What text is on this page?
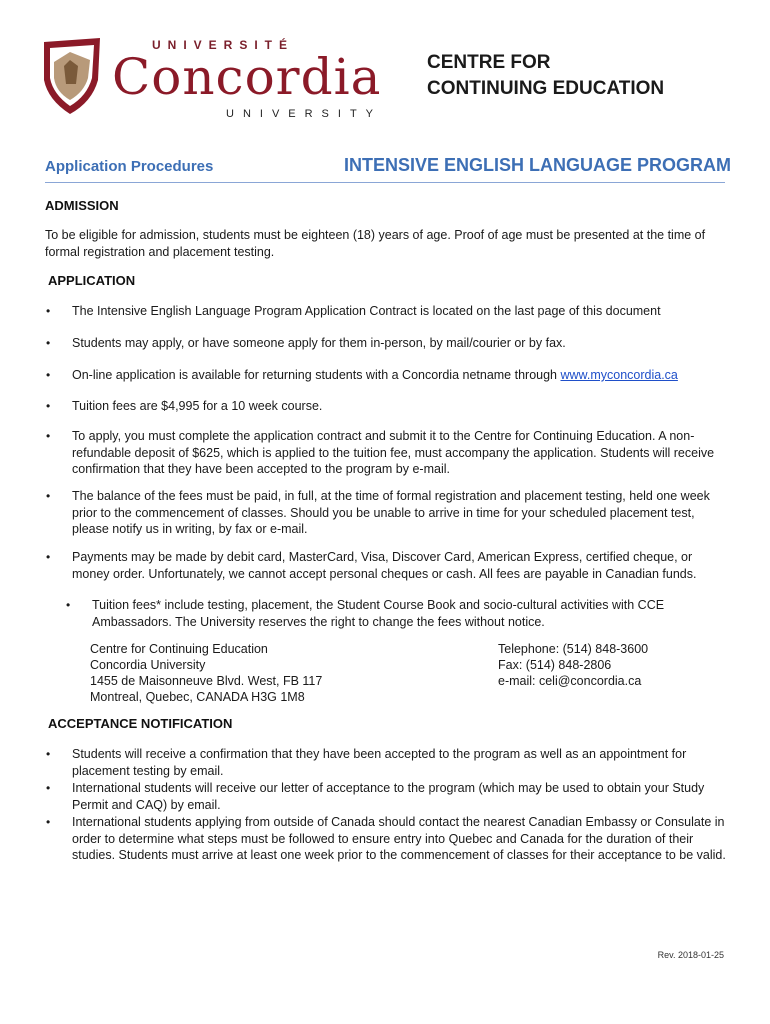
UNIVERSITÉ
Concordia
UNIVERSITY
CENTRE FOR
CONTINUING EDUCATION
Application Procedures	INTENSIVE ENGLISH LANGUAGE PROGRAM
ADMISSION
To be eligible for admission, students must be eighteen (18) years of age. Proof of age must be presented at the time of formal registration and placement testing.
APPLICATION
• The Intensive English Language Program Application Contract is located on the last page of this document
• Students may apply, or have someone apply for them in-person, by mail/courier or by fax.
• On-line application is available for returning students with a Concordia netname through www.myconcordia.ca
• Tuition fees are $4,995 for a 10 week course.
• To apply, you must complete the application contract and submit it to the Centre for Continuing Education. A non-refundable deposit of $625, which is applied to the tuition fee, must accompany the application. Students will receive confirmation that they have been accepted to the program by e-mail.
• The balance of the fees must be paid, in full, at the time of formal registration and placement testing, held one week prior to the commencement of classes. Should you be unable to arrive in time for your scheduled placement test, please notify us in writing, by fax or e-mail.
• Payments may be made by debit card, MasterCard, Visa, Discover Card, American Express, certified cheque, or money order. Unfortunately, we cannot accept personal cheques or cash. All fees are payable in Canadian funds.
• Tuition fees* include testing, placement, the Student Course Book and socio-cultural activities with CCE Ambassadors. The University reserves the right to change the fees without notice.
Centre for Continuing Education
Concordia University
1455 de Maisonneuve Blvd. West, FB 117
Montreal, Quebec, CANADA H3G 1M8
Telephone: (514) 848-3600
Fax: (514) 848-2806
e-mail: celi@concordia.ca
ACCEPTANCE NOTIFICATION
• Students will receive a confirmation that they have been accepted to the program as well as an appointment for placement testing by email.
• International students will receive our letter of acceptance to the program (which may be used to obtain your Study Permit and CAQ) by email.
• International students applying from outside of Canada should contact the nearest Canadian Embassy or Consulate in order to determine what steps must be followed to ensure entry into Quebec and Canada for the duration of their studies. Students must arrive at least one week prior to the commencement of classes for their acceptance to be valid.
Rev. 2018-01-25
